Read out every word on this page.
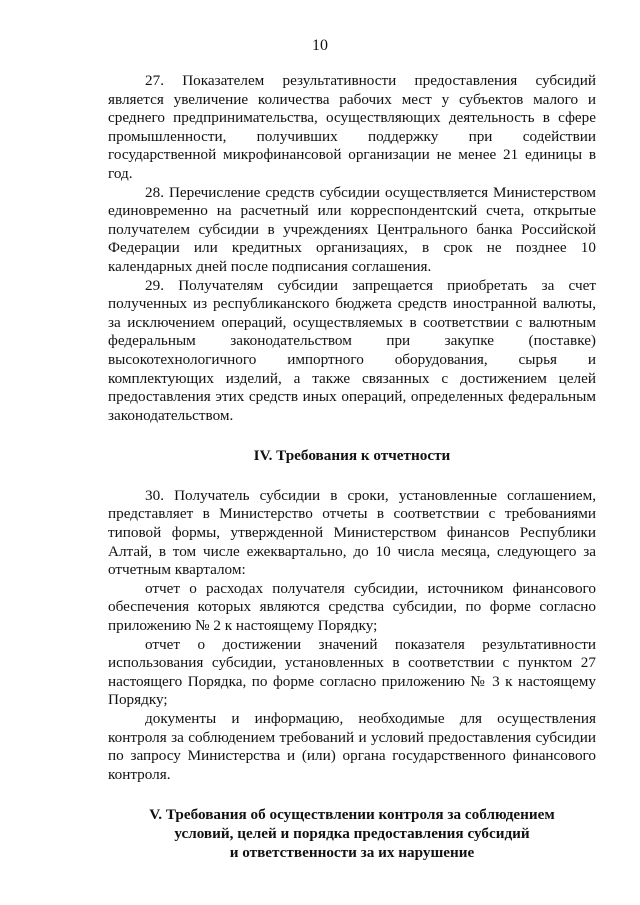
10

27. Показателем результативности предоставления субсидий является увеличение количества рабочих мест у субъектов малого и среднего предпринимательства, осуществляющих деятельность в сфере промышленности, получивших поддержку при содействии государственной микрофинансовой организации не менее 21 единицы в год.

28. Перечисление средств субсидии осуществляется Министерством единовременно на расчетный или корреспондентский счета, открытые получателем субсидии в учреждениях Центрального банка Российской Федерации или кредитных организациях, в срок не позднее 10 календарных дней после подписания соглашения.

29. Получателям субсидии запрещается приобретать за счет полученных из республиканского бюджета средств иностранной валюты, за исключением операций, осуществляемых в соответствии с валютным федеральным законодательством при закупке (поставке) высокотехнологичного импортного оборудования, сырья и комплектующих изделий, а также связанных с достижением целей предоставления этих средств иных операций, определенных федеральным законодательством.

IV. Требования к отчетности

30. Получатель субсидии в сроки, установленные соглашением, представляет в Министерство отчеты в соответствии с требованиями типовой формы, утвержденной Министерством финансов Республики Алтай, в том числе ежеквартально, до 10 числа месяца, следующего за отчетным кварталом:

отчет о расходах получателя субсидии, источником финансового обеспечения которых являются средства субсидии, по форме согласно приложению № 2 к настоящему Порядку;

отчет о достижении значений показателя результативности использования субсидии, установленных в соответствии с пунктом 27 настоящего Порядка, по форме согласно приложению № 3 к настоящему Порядку;

документы и информацию, необходимые для осуществления контроля за соблюдением требований и условий предоставления субсидии по запросу Министерства и (или) органа государственного финансового контроля.

V. Требования об осуществлении контроля за соблюдением
условий, целей и порядка предоставления субсидий
и ответственности за их нарушение
